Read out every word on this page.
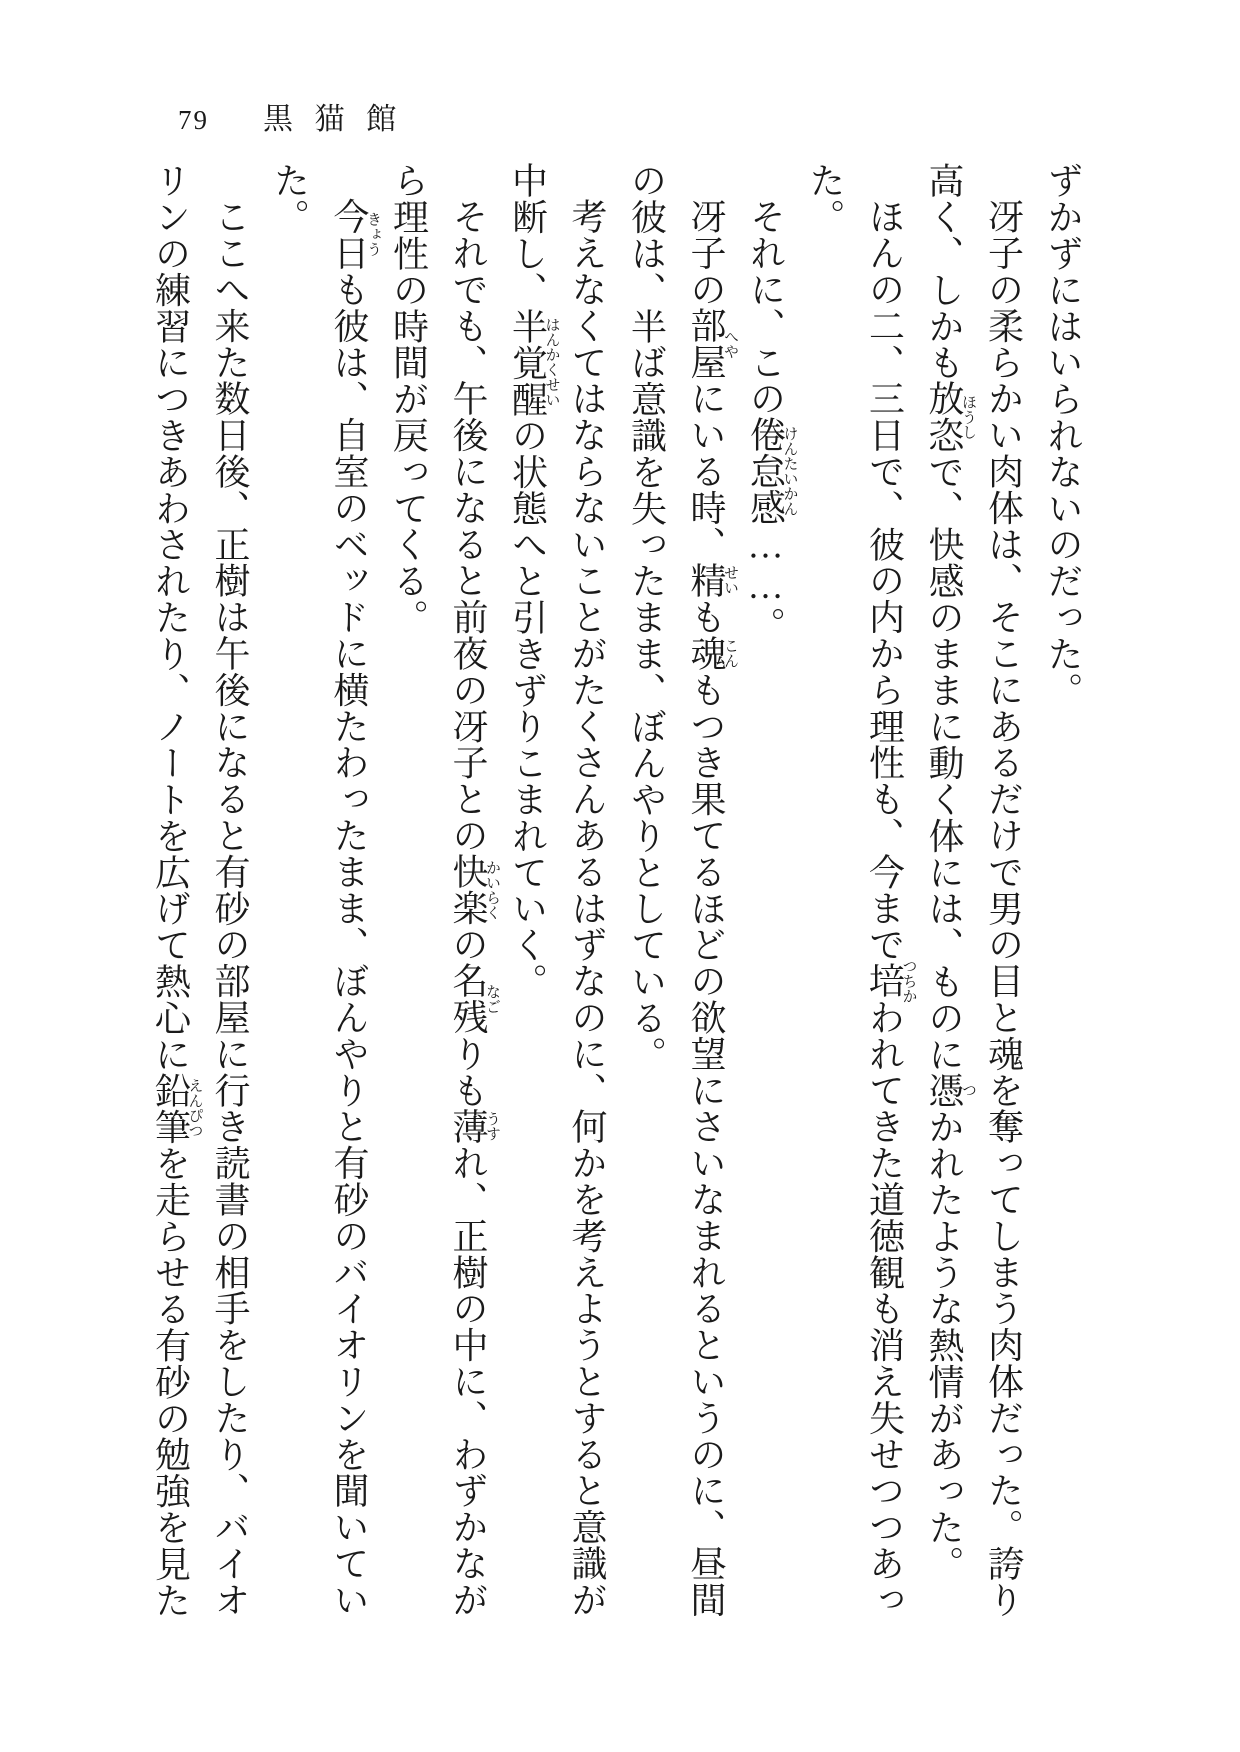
79 黒猫館

ずかずにはいられないのだった。

冴子の柔らかい肉体は、そこにあるだけで男の目と魂を奪ってしまう肉体だった。誇り高く、しかも放恣
ほうし
で、快感のままに動く体には、ものに憑
つ
かれたような熱情があった。

ほんの二、三日で、彼の内から理性も、今まで培
つちか
われてきた道徳観も消え失せつつあった。

それに、この倦怠感
けんたいかん
……。

冴子の部屋
へや
にいる時、精
せい
も魂
こん
もつき果てるほどの欲望にさいなまれるというのに、昼間の彼は、半ば意識を失ったまま、ぼんやりとしている。

考えなくてはならないことがたくさんあるはずなのに、何かを考えようとすると意識が中断し、半覚醒
はんかくせい
の状態へと引きずりこまれていく。

それでも、午後になると前夜の冴子との快楽
かいらく
の名残
なご
りも薄
うす
れ、正樹の中に、わずかながら理性の時間が戻ってくる。

今日
きょう
も彼は、自室のベッドに横たわったまま、ぼんやりと有砂のバイオリンを聞いていた。

ここへ来た数日後、正樹は午後になると有砂の部屋に行き読書の相手をしたり、バイオリンの練習につきあわされたり、ノートを広げて熱心に鉛筆
えんぴつ
を走らせる有砂の勉強を見た
